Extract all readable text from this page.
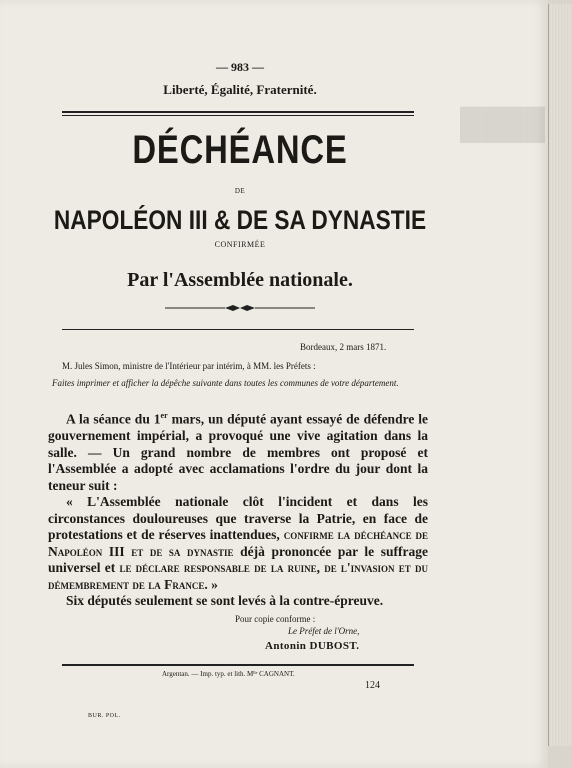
████
— 983 —
Liberté, Égalité, Fraternité.
DÉCHÉANCE
DE
NAPOLÉON III & DE SA DYNASTIE
CONFIRMÉE
Par l'Assemblée nationale.
Bordeaux, 2 mars 1871.
M. Jules Simon, ministre de l'Intérieur par intérim, à MM. les Préfets :
Faites imprimer et afficher la dépêche suivante dans toutes les communes de votre département.

A la séance du 1er mars, un député ayant essayé de défendre le gouvernement impérial, a provoqué une vive agitation dans la salle. — Un grand nombre de membres ont proposé et l'Assemblée a adopté avec acclamations l'ordre du jour dont la teneur suit :

« L'Assemblée nationale clôt l'incident et dans les circonstances douloureuses que traverse la Patrie, en face de protestations et de réserves inattendues, confirme la déchéance de Napoléon III et de sa dynastie déjà prononcée par le suffrage universel et le déclare responsable de la ruine, de l'invasion et du démembrement de la France. »

Six députés seulement se sont levés à la contre-épreuve.

Pour copie conforme :
Le Préfet de l'Orne,
Antonin DUBOST.
Argentan. — Imp. typ. et lith. Mˡˡᵉ CAGNANT.
124
BUR. POL.
